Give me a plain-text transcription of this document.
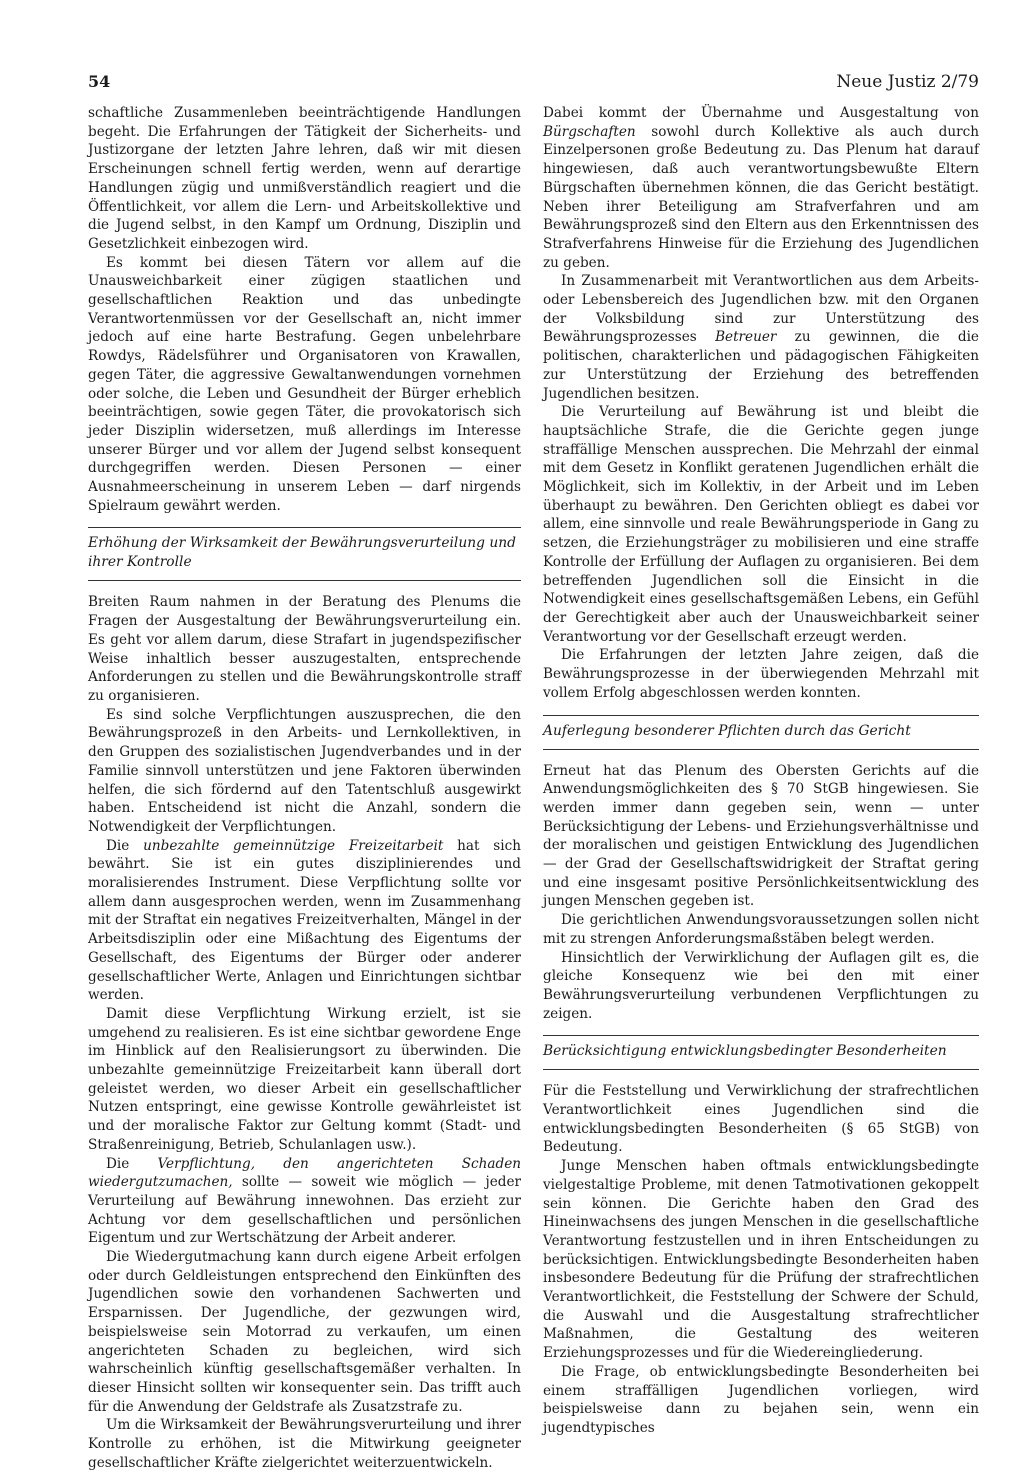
54	Neue Justiz 2/79

schaftliche Zusammenleben beeinträchtigende Handlungen begeht. Die Erfahrungen der Tätigkeit der Sicherheits- und Justizorgane der letzten Jahre lehren, daß wir mit diesen Erscheinungen schnell fertig werden, wenn auf derartige Handlungen zügig und unmißverständlich reagiert und die Öffentlichkeit, vor allem die Lern- und Arbeitskollektive und die Jugend selbst, in den Kampf um Ordnung, Disziplin und Gesetzlichkeit einbezogen wird.

Es kommt bei diesen Tätern vor allem auf die Unausweichbarkeit einer zügigen staatlichen und gesellschaftlichen Reaktion und das unbedingte Verantwortenmüssen vor der Gesellschaft an, nicht immer jedoch auf eine harte Bestrafung. Gegen unbelehrbare Rowdys, Rädelsführer und Organisatoren von Krawallen, gegen Täter, die aggressive Gewaltanwendungen vornehmen oder solche, die Leben und Gesundheit der Bürger erheblich beeinträchtigen, sowie gegen Täter, die provokatorisch sich jeder Disziplin widersetzen, muß allerdings im Interesse unserer Bürger und vor allem der Jugend selbst konsequent durchgegriffen werden. Diesen Personen — einer Ausnahmeerscheinung in unserem Leben — darf nirgends Spielraum gewährt werden.

Erhöhung der Wirksamkeit der Bewährungsverurteilung und ihrer Kontrolle

Breiten Raum nahmen in der Beratung des Plenums die Fragen der Ausgestaltung der Bewährungsverurteilung ein. Es geht vor allem darum, diese Strafart in jugendspezifischer Weise inhaltlich besser auszugestalten, entsprechende Anforderungen zu stellen und die Bewährungskontrolle straff zu organisieren.

Es sind solche Verpflichtungen auszusprechen, die den Bewährungsprozeß in den Arbeits- und Lernkollektiven, in den Gruppen des sozialistischen Jugendverbandes und in der Familie sinnvoll unterstützen und jene Faktoren überwinden helfen, die sich fördernd auf den Tatentschluß ausgewirkt haben. Entscheidend ist nicht die Anzahl, sondern die Notwendigkeit der Verpflichtungen.

Die unbezahlte gemeinnützige Freizeitarbeit hat sich bewährt. Sie ist ein gutes disziplinierendes und moralisierendes Instrument. Diese Verpflichtung sollte vor allem dann ausgesprochen werden, wenn im Zusammenhang mit der Straftat ein negatives Freizeitverhalten, Mängel in der Arbeitsdisziplin oder eine Mißachtung des Eigentums der Gesellschaft, des Eigentums der Bürger oder anderer gesellschaftlicher Werte, Anlagen und Einrichtungen sichtbar werden.

Damit diese Verpflichtung Wirkung erzielt, ist sie umgehend zu realisieren. Es ist eine sichtbar gewordene Enge im Hinblick auf den Realisierungsort zu überwinden. Die unbezahlte gemeinnützige Freizeitarbeit kann überall dort geleistet werden, wo dieser Arbeit ein gesellschaftlicher Nutzen entspringt, eine gewisse Kontrolle gewährleistet ist und der moralische Faktor zur Geltung kommt (Stadt- und Straßenreinigung, Betrieb, Schulanlagen usw.).

Die Verpflichtung, den angerichteten Schaden wiedergutzumachen, sollte — soweit wie möglich — jeder Verurteilung auf Bewährung innewohnen. Das erzieht zur Achtung vor dem gesellschaftlichen und persönlichen Eigentum und zur Wertschätzung der Arbeit anderer.

Die Wiedergutmachung kann durch eigene Arbeit erfolgen oder durch Geldleistungen entsprechend den Einkünften des Jugendlichen sowie den vorhandenen Sachwerten und Ersparnissen. Der Jugendliche, der gezwungen wird, beispielsweise sein Motorrad zu verkaufen, um einen angerichteten Schaden zu begleichen, wird sich wahrscheinlich künftig gesellschaftsgemäßer verhalten. In dieser Hinsicht sollten wir konsequenter sein. Das trifft auch für die Anwendung der Geldstrafe als Zusatzstrafe zu.

Um die Wirksamkeit der Bewährungsverurteilung und ihrer Kontrolle zu erhöhen, ist die Mitwirkung geeigneter gesellschaftlicher Kräfte zielgerichtet weiterzuentwickeln.

Dabei kommt der Übernahme und Ausgestaltung von Bürgschaften sowohl durch Kollektive als auch durch Einzelpersonen große Bedeutung zu. Das Plenum hat darauf hingewiesen, daß auch verantwortungsbewußte Eltern Bürgschaften übernehmen können, die das Gericht bestätigt. Neben ihrer Beteiligung am Strafverfahren und am Bewährungsprozeß sind den Eltern aus den Erkenntnissen des Strafverfahrens Hinweise für die Erziehung des Jugendlichen zu geben.

In Zusammenarbeit mit Verantwortlichen aus dem Arbeits- oder Lebensbereich des Jugendlichen bzw. mit den Organen der Volksbildung sind zur Unterstützung des Bewährungsprozesses Betreuer zu gewinnen, die die politischen, charakterlichen und pädagogischen Fähigkeiten zur Unterstützung der Erziehung des betreffenden Jugendlichen besitzen.

Die Verurteilung auf Bewährung ist und bleibt die hauptsächliche Strafe, die die Gerichte gegen junge straffällige Menschen aussprechen. Die Mehrzahl der einmal mit dem Gesetz in Konflikt geratenen Jugendlichen erhält die Möglichkeit, sich im Kollektiv, in der Arbeit und im Leben überhaupt zu bewähren. Den Gerichten obliegt es dabei vor allem, eine sinnvolle und reale Bewährungsperiode in Gang zu setzen, die Erziehungsträger zu mobilisieren und eine straffe Kontrolle der Erfüllung der Auflagen zu organisieren. Bei dem betreffenden Jugendlichen soll die Einsicht in die Notwendigkeit eines gesellschaftsgemäßen Lebens, ein Gefühl der Gerechtigkeit aber auch der Unausweichbarkeit seiner Verantwortung vor der Gesellschaft erzeugt werden.

Die Erfahrungen der letzten Jahre zeigen, daß die Bewährungsprozesse in der überwiegenden Mehrzahl mit vollem Erfolg abgeschlossen werden konnten.

Auferlegung besonderer Pflichten durch das Gericht

Erneut hat das Plenum des Obersten Gerichts auf die Anwendungsmöglichkeiten des § 70 StGB hingewiesen. Sie werden immer dann gegeben sein, wenn — unter Berücksichtigung der Lebens- und Erziehungsverhältnisse und der moralischen und geistigen Entwicklung des Jugendlichen — der Grad der Gesellschaftswidrigkeit der Straftat gering und eine insgesamt positive Persönlichkeitsentwicklung des jungen Menschen gegeben ist.

Die gerichtlichen Anwendungsvoraussetzungen sollen nicht mit zu strengen Anforderungsmaßstäben belegt werden.

Hinsichtlich der Verwirklichung der Auflagen gilt es, die gleiche Konsequenz wie bei den mit einer Bewährungsverurteilung verbundenen Verpflichtungen zu zeigen.

Berücksichtigung entwicklungsbedingter Besonderheiten

Für die Feststellung und Verwirklichung der strafrechtlichen Verantwortlichkeit eines Jugendlichen sind die entwicklungsbedingten Besonderheiten (§ 65 StGB) von Bedeutung.

Junge Menschen haben oftmals entwicklungsbedingte vielgestaltige Probleme, mit denen Tatmotivationen gekoppelt sein können. Die Gerichte haben den Grad des Hineinwachsens des jungen Menschen in die gesellschaftliche Verantwortung festzustellen und in ihren Entscheidungen zu berücksichtigen. Entwicklungsbedingte Besonderheiten haben insbesondere Bedeutung für die Prüfung der strafrechtlichen Verantwortlichkeit, die Feststellung der Schwere der Schuld, die Auswahl und die Ausgestaltung strafrechtlicher Maßnahmen, die Gestaltung des weiteren Erziehungsprozesses und für die Wiedereingliederung.

Die Frage, ob entwicklungsbedingte Besonderheiten bei einem straffälligen Jugendlichen vorliegen, wird beispielsweise dann zu bejahen sein, wenn ein jugendtypisches
